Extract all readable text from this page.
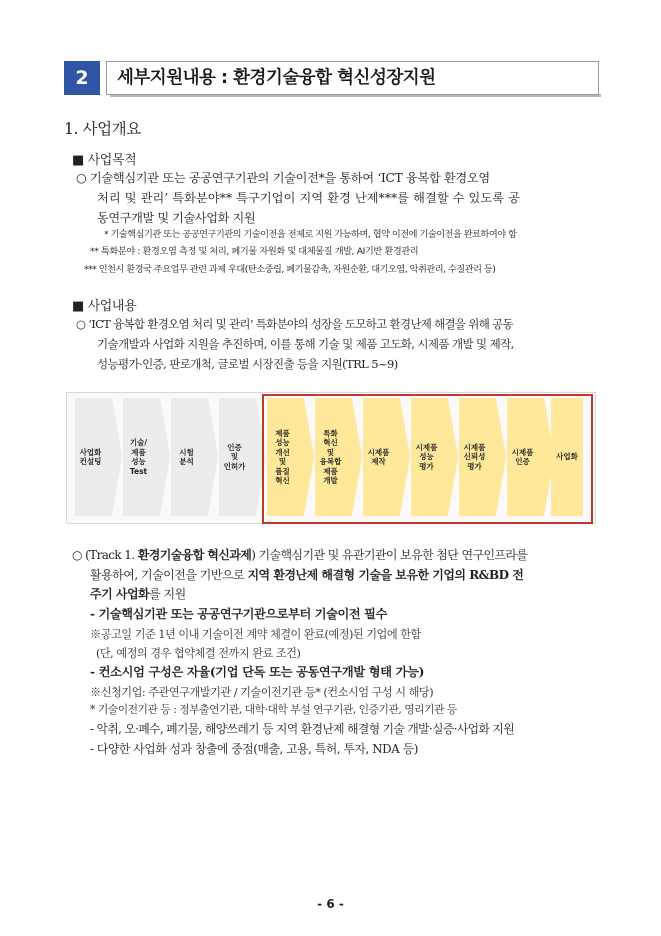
2	세부지원내용 : 환경기술융합 혁신성장지원
1. 사업개요
■ 사업목적
○ 기술핵심기관 또는 공공연구기관의 기술이전*을 통하여 ‘ICT 융복합 환경오염
처리 및 관리’ 특화분야** 특구기업이 지역 환경 난제***를 해결할 수 있도록 공
동연구개발 및 기술사업화 지원
* 기술핵심기관 또는 공공연구기관의 기술이전을 전제로 지원 가능하며, 협약 이전에 기술이전을 완료하여야 함
** 특화분야 : 환경오염 측정 및 처리, 폐기물 자원화 및 대체물질 개발, AI기반 환경관리
*** 인천시 환경국 주요업무 관련 과제 우대(탄소중립, 폐기물감축, 자원순환, 대기오염, 악취관리, 수질관리 등)
■ 사업내용
○ ‘ICT 융복합 환경오염 처리 및 관리’ 특화분야의 성장을 도모하고 환경난제 해결을 위해 공동
기술개발과 사업화 지원을 추진하며, 이를 통해 기술 및 제품 고도화, 시제품 개발 및 제작,
성능평가·인증, 판로개척, 글로벌 시장진출 등을 지원(TRL 5~9)
사업화
컨설팅
기술/
제품
성능
Test
시험
분석
인증
및
인허가
제품
성능
개선
및
품질
혁신
특화
혁신
및
융복합
제품
개발
시제품
제작
시제품
성능
평가
시제품
신뢰성
평가
시제품
인증
사업화
○ (Track 1. 환경기술융합 혁신과제) 기술핵심기관 및 유관기관이 보유한 첨단 연구인프라를
활용하여, 기술이전을 기반으로 지역 환경난제 해결형 기술을 보유한 기업의 R&BD 전
주기 사업화를 지원
- 기술핵심기관 또는 공공연구기관으로부터 기술이전 필수
※공고일 기준 1년 이내 기술이전 계약 체결이 완료(예정)된 기업에 한함
(단, 예정의 경우 협약체결 전까지 완료 조건)
- 컨소시엄 구성은 자율(기업 단독 또는 공동연구개발 형태 가능)
※신청기업: 주관연구개발기관 / 기술이전기관 등* (컨소시엄 구성 시 해당)
* 기술이전기관 등 : 정부출연기관, 대학·대학 부설 연구기관, 인증기관, 영리기관 등
- 악취, 오·폐수, 폐기물, 해양쓰레기 등 지역 환경난제 해결형 기술 개발·실증·사업화 지원
- 다양한 사업화 성과 창출에 중점(매출, 고용, 특허, 투자, NDA 등)
- 6 -
